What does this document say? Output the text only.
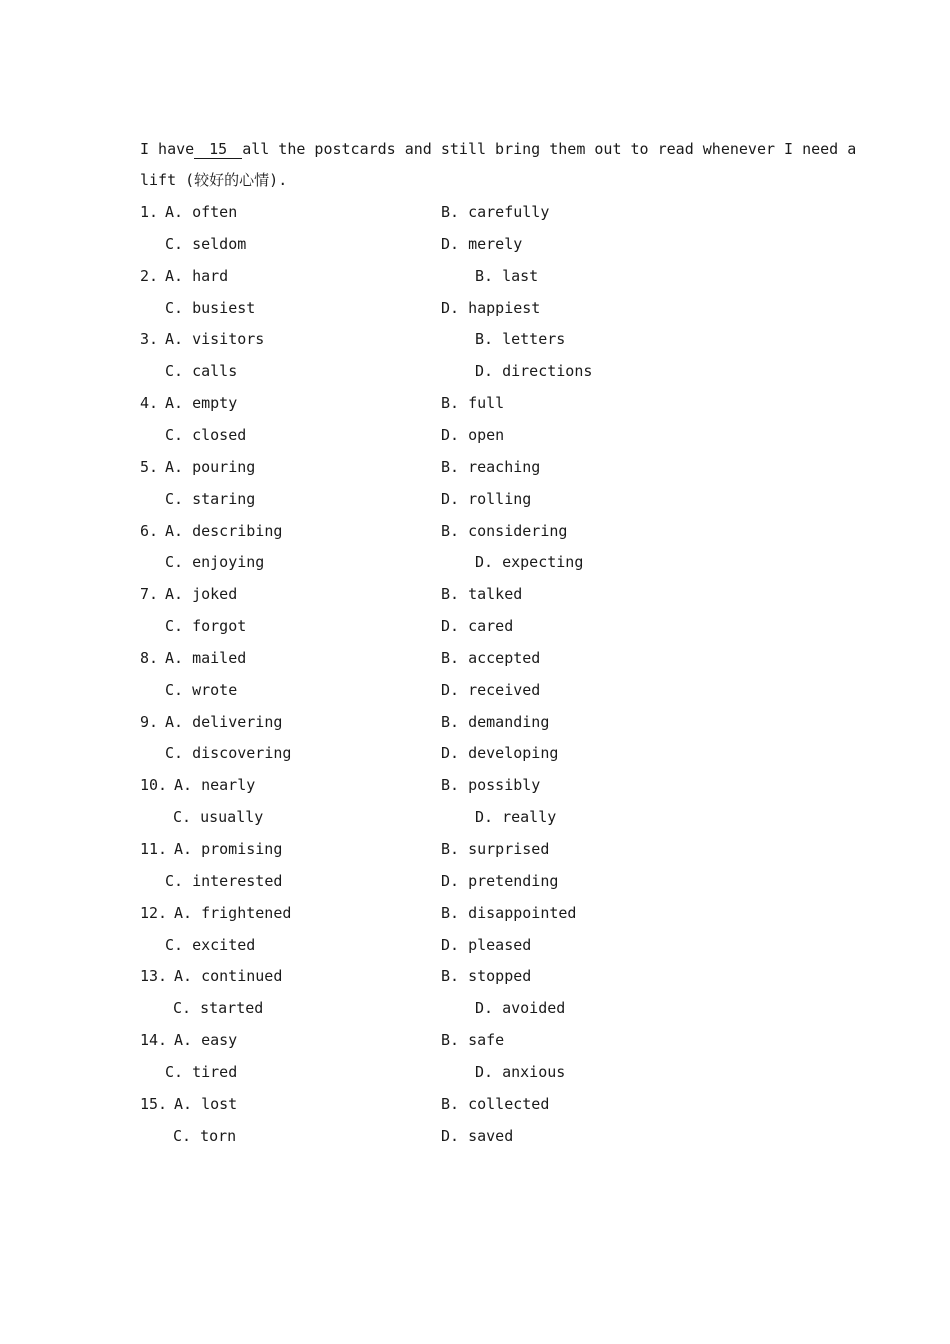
I have 15 all the postcards and still bring them out to read whenever I need a
lift (较好的心情).
1. A. often	B. carefully
C. seldom	D. merely
2. A. hard	B. last
C. busiest	D. happiest
3. A. visitors	B. letters
C. calls	D. directions
4. A. empty	B. full
C. closed	D. open
5. A. pouring	B. reaching
C. staring	D. rolling
6. A. describing	B. considering
C. enjoying	D. expecting
7. A. joked	B. talked
C. forgot	D. cared
8. A. mailed	B. accepted
C. wrote	D. received
9. A. delivering	B. demanding
C. discovering	D. developing
10. A. nearly	B. possibly
C. usually	D. really
11. A. promising	B. surprised
C. interested	D. pretending
12. A. frightened	B. disappointed
C. excited	D. pleased
13. A. continued	B. stopped
C. started	D. avoided
14. A. easy	B. safe
C. tired	D. anxious
15. A. lost	B. collected
C. torn	D. saved
